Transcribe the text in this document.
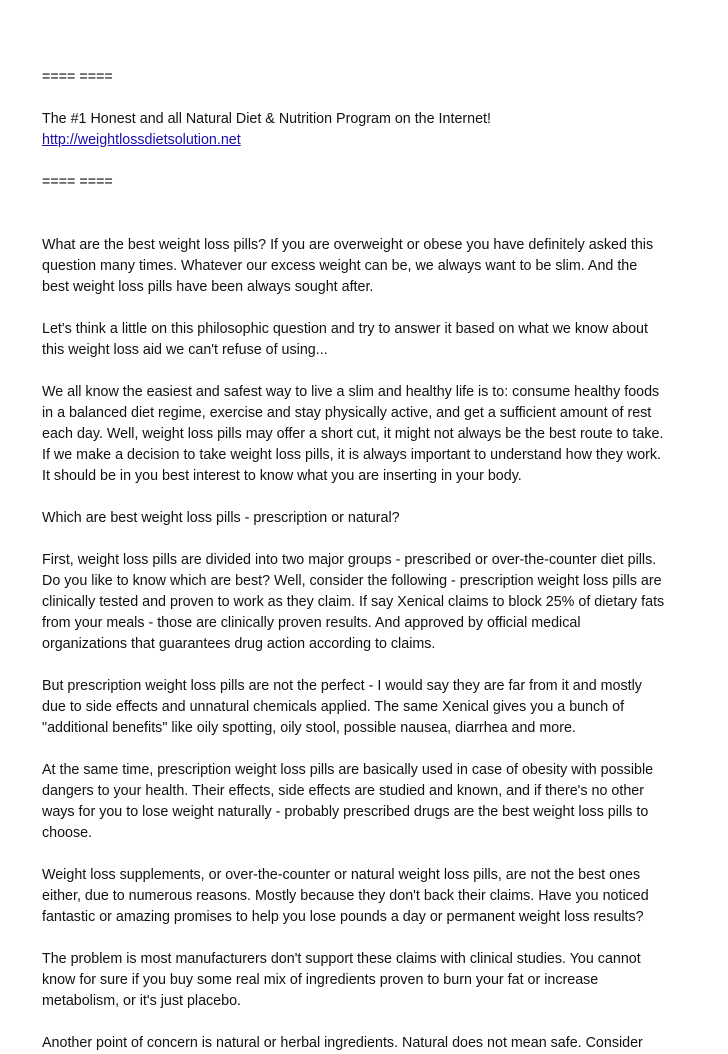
==== ====

The #1 Honest and all Natural Diet & Nutrition Program on the Internet!

http://weightlossdietsolution.net

==== ====

What are the best weight loss pills? If you are overweight or obese you have definitely asked this

question many times. Whatever our excess weight can be, we always want to be slim. And the

best weight loss pills have been always sought after.

Let's think a little on this philosophic question and try to answer it based on what we know about

this weight loss aid we can't refuse of using...

We all know the easiest and safest way to live a slim and healthy life is to: consume healthy foods

in a balanced diet regime, exercise and stay physically active, and get a sufficient amount of rest

each day. Well, weight loss pills may offer a short cut, it might not always be the best route to take.

If we make a decision to take weight loss pills, it is always important to understand how they work.

It should be in you best interest to know what you are inserting in your body.

Which are best weight loss pills - prescription or natural?

First, weight loss pills are divided into two major groups - prescribed or over-the-counter diet pills.

Do you like to know which are best? Well, consider the following - prescription weight loss pills are

clinically tested and proven to work as they claim. If say Xenical claims to block 25% of dietary fats

from your meals - those are clinically proven results. And approved by official medical

organizations that guarantees drug action according to claims.

But prescription weight loss pills are not the perfect - I would say they are far from it and mostly

due to side effects and unnatural chemicals applied. The same Xenical gives you a bunch of

"additional benefits" like oily spotting, oily stool, possible nausea, diarrhea and more.

At the same time, prescription weight loss pills are basically used in case of obesity with possible

dangers to your health. Their effects, side effects are studied and known, and if there's no other

ways for you to lose weight naturally - probably prescribed drugs are the best weight loss pills to

choose.

Weight loss supplements, or over-the-counter or natural weight loss pills, are not the best ones

either, due to numerous reasons. Mostly because they don't back their claims. Have you noticed

fantastic or amazing promises to help you lose pounds a day or permanent weight loss results?

The problem is most manufacturers don't support these claims with clinical studies. You cannot

know for sure if you buy some real mix of ingredients proven to burn your fat or increase

metabolism, or it's just placebo.

Another point of concern is natural or herbal ingredients. Natural does not mean safe. Consider
